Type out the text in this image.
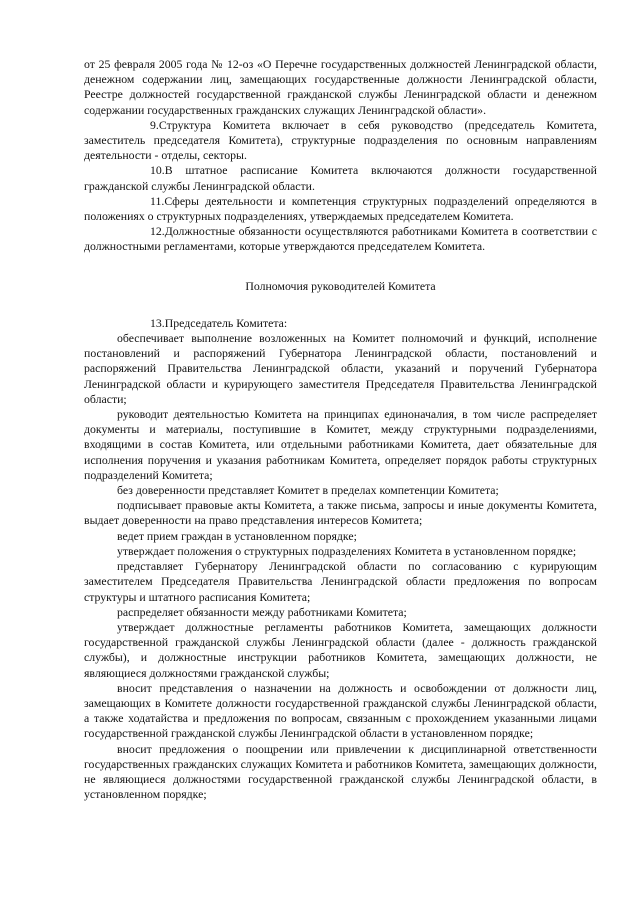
от 25 февраля 2005 года № 12-оз «О Перечне государственных должностей Ленинградской области, денежном содержании лиц, замещающих государственные должности Ленинградской области, Реестре должностей государственной гражданской службы Ленинградской области и денежном содержании государственных гражданских служащих Ленинградской области».

9.Структура Комитета включает в себя руководство (председатель Комитета, заместитель председателя Комитета), структурные подразделения по основным направлениям деятельности - отделы, секторы.

10.В штатное расписание Комитета включаются должности государственной гражданской службы Ленинградской области.

11.Сферы деятельности и компетенция структурных подразделений определяются в положениях о структурных подразделениях, утверждаемых председателем Комитета.

12.Должностные обязанности осуществляются работниками Комитета в соответствии с должностными регламентами, которые утверждаются председателем Комитета.

Полномочия руководителей Комитета

13.Председатель Комитета:

обеспечивает выполнение возложенных на Комитет полномочий и функций, исполнение постановлений и распоряжений Губернатора Ленинградской области, постановлений и распоряжений Правительства Ленинградской области, указаний и поручений Губернатора Ленинградской области и курирующего заместителя Председателя Правительства Ленинградской области;

руководит деятельностью Комитета на принципах единоначалия, в том числе распределяет документы и материалы, поступившие в Комитет, между структурными подразделениями, входящими в состав Комитета, или отдельными работниками Комитета, дает обязательные для исполнения поручения и указания работникам Комитета, определяет порядок работы структурных подразделений Комитета;

без доверенности представляет Комитет в пределах компетенции Комитета;

подписывает правовые акты Комитета, а также письма, запросы и иные документы Комитета, выдает доверенности на право представления интересов Комитета;

ведет прием граждан в установленном порядке;

утверждает положения о структурных подразделениях Комитета в установленном порядке;

представляет Губернатору Ленинградской области по согласованию с курирующим заместителем Председателя Правительства Ленинградской области предложения по вопросам структуры и штатного расписания Комитета;

распределяет обязанности между работниками Комитета;

утверждает должностные регламенты работников Комитета, замещающих должности государственной гражданской службы Ленинградской области (далее - должность гражданской службы), и должностные инструкции работников Комитета, замещающих должности, не являющиеся должностями гражданской службы;

вносит представления о назначении на должность и освобождении от должности лиц, замещающих в Комитете должности государственной гражданской службы Ленинградской области, а также ходатайства и предложения по вопросам, связанным с прохождением указанными лицами государственной гражданской службы Ленинградской области в установленном порядке;

вносит предложения о поощрении или привлечении к дисциплинарной ответственности государственных гражданских служащих Комитета и работников Комитета, замещающих должности, не являющиеся должностями государственной гражданской службы Ленинградской области, в установленном порядке;
